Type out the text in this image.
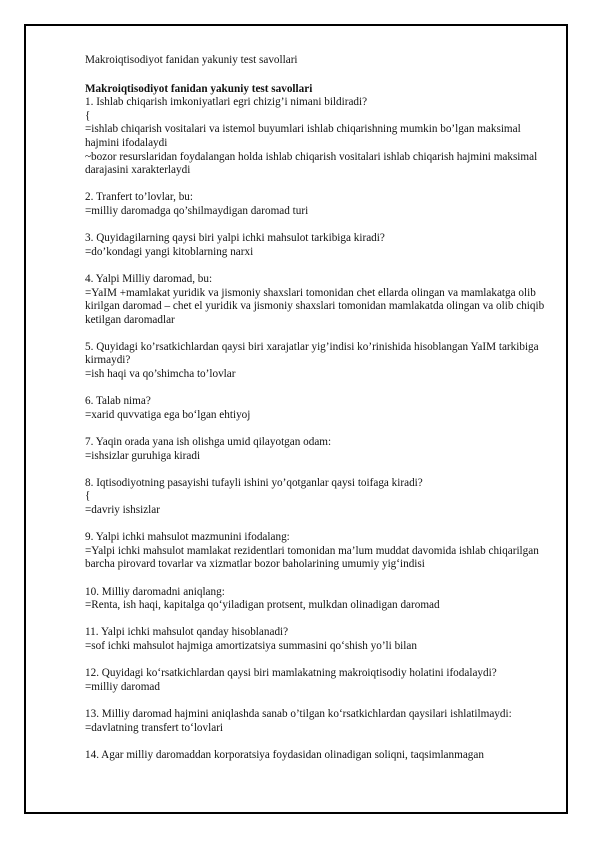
Makroiqtisodiyot fanidan yakuniy test savollari
Makroiqtisodiyot fanidan yakuniy test savollari
1. Ishlab chiqarish imkoniyatlari egri chizig’i nimani bildiradi?
{
=ishlab chiqarish vositalari va istemol buyumlari ishlab chiqarishning mumkin bo’lgan maksimal hajmini ifodalaydi
~bozor resurslaridan foydalangan holda ishlab chiqarish vositalari ishlab chiqarish hajmini maksimal darajasini xarakterlaydi
2. Tranfert to’lovlar, bu:
=milliy daromadga qo’shilmaydigan daromad turi
3. Quyidagilarning qaysi biri yalpi ichki mahsulot tarkibiga kiradi?
=do’kondagi yangi kitoblarning narxi
4. Yalpi Milliy daromad, bu:
=YaIM +mamlakat yuridik va jismoniy shaxslari tomonidan chet ellarda olingan va mamlakatga olib kirilgan daromad – chet el yuridik va jismoniy shaxslari tomonidan mamlakatda olingan va olib chiqib ketilgan daromadlar
5. Quyidagi ko’rsatkichlardan qaysi biri xarajatlar yig’indisi ko’rinishida hisoblangan YaIM tarkibiga kirmaydi?
=ish haqi va qo’shimcha to’lovlar
6. Talab nima?
=xarid quvvatiga ega bo‘lgan ehtiyoj
7. Yaqin orada yana ish olishga umid qilayotgan odam:
=ishsizlar guruhiga kiradi
8. Iqtisodiyotning pasayishi tufayli ishini yo’qotganlar qaysi toifaga kiradi?
{
=davriy ishsizlar
9. Yalpi ichki mahsulot mazmunini ifodalang:
=Yalpi ichki mahsulot mamlakat rezidentlari tomonidan ma’lum muddat davomida ishlab chiqarilgan barcha pirovard tovarlar va xizmatlar bozor baholarining umumiy yig‘indisi
10. Milliy daromadni aniqlang:
=Renta, ish haqi, kapitalga qo‘yiladigan protsent, mulkdan olinadigan daromad
11. Yalpi ichki mahsulot qanday hisoblanadi?
=sof ichki mahsulot hajmiga amortizatsiya summasini qo‘shish yo’li bilan
12. Quyidagi ko‘rsatkichlardan qaysi biri mamlakatning makroiqtisodiy holatini ifodalaydi?
=milliy daromad
13. Milliy daromad hajmini aniqlashda sanab o’tilgan ko‘rsatkichlardan qaysilari ishlatilmaydi:
=davlatning transfert to‘lovlari
14. Agar milliy daromaddan korporatsiya foydasidan olinadigan soliqni, taqsimlanmagan
